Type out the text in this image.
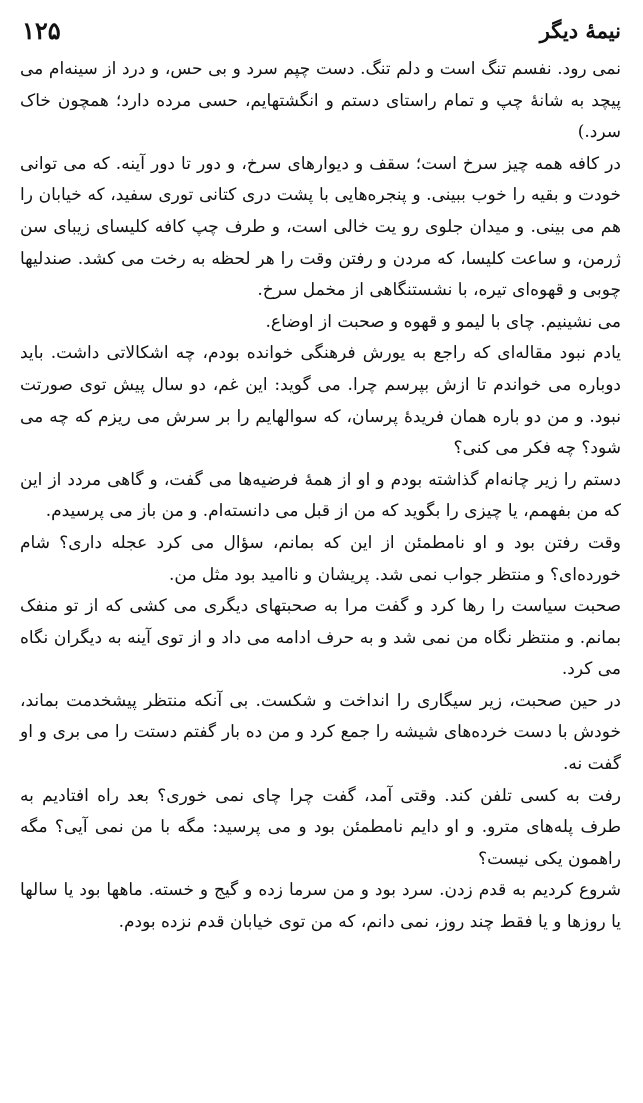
نیمهٔ دیگر
۱۲۵

نمی رود. نفسم تنگ است و دلم تنگ. دست چپم سرد و بی حس، و درد از سینه‌ام می پیچد به شانهٔ چپ و تمام راستای دستم و انگشتهایم، حسی مرده دارد؛ همچون خاک سرد.)

در کافه همه چیز سرخ است؛ سقف و دیوارهای سرخ، و دور تا دور آینه. که می توانی خودت و بقیه را خوب ببینی. و پنجره‌هایی با پشت دری کتانی توری سفید، که خیابان را هم می بینی. و میدان جلوی رو یت خالی است، و طرف چپ کافه کلیسای زیبای سن ژرمن، و ساعت کلیسا، که مردن و رفتن وقت را هر لحظه به رخت می کشد. صندلیها چوبی و قهوه‌ای تیره، با نشستنگاهی از مخمل سرخ.

می نشینیم. چای با لیمو و قهوه و صحبت از اوضاع.

یادم نبود مقاله‌ای که راجع به یورش فرهنگی خوانده بودم، چه اشکالاتی داشت. باید دوباره می خواندم تا ازش بپرسم چرا. می گوید: این غم، دو سال پیش توی صورتت نبود. و من دو باره همان فریدهٔ پرسان، که سوالهایم را بر سرش می ریزم که چه می شود؟ چه فکر می کنی؟

دستم را زیر چانه‌ام گذاشته بودم و او از همهٔ فرضیه‌ها می گفت، و گاهی مردد از این که من بفهمم، یا چیزی را بگوید که من از قبل می دانسته‌ام. و من باز می پرسیدم.

وقت رفتن بود و او نامطمئن از این که بمانم، سؤال می کرد عجله داری؟ شام خورده‌ای؟ و منتظر جواب نمی شد. پریشان و ناامید بود مثل من.

صحبت سیاست را رها کرد و گفت مرا به صحبتهای دیگری می کشی که از تو منفک بمانم. و منتظر نگاه من نمی شد و به حرف ادامه می داد و از توی آینه به دیگران نگاه می کرد.

در حین صحبت، زیر سیگاری را انداخت و شکست. بی آنکه منتظر پیشخدمت بماند، خودش با دست خرده‌های شیشه را جمع کرد و من ده بار گفتم دستت را می بری و او گفت نه.

رفت به کسی تلفن کند. وقتی آمد، گفت چرا چای نمی خوری؟ بعد راه افتادیم به طرف پله‌های مترو. و او دایم نامطمئن بود و می پرسید: مگه با من نمی آیی؟ مگه راهمون یکی نیست؟

شروع کردیم به قدم زدن. سرد بود و من سرما زده و گیج و خسته. ماهها بود یا سالها یا روزها و یا فقط چند روز، نمی دانم، که من توی خیابان قدم نزده بودم.
